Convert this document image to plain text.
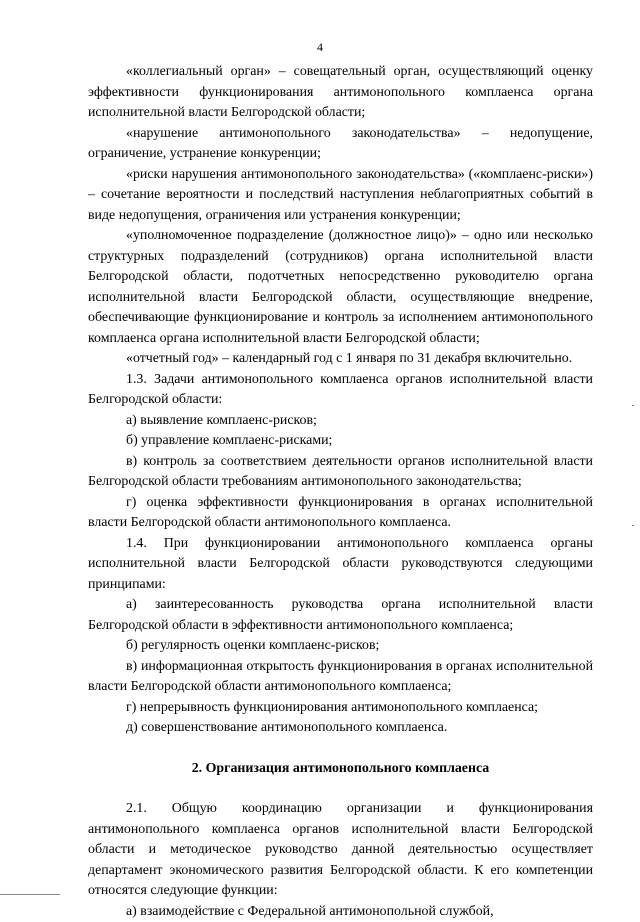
4

«коллегиальный орган» – совещательный орган, осуществляющий оценку эффективности функционирования антимонопольного комплаенса органа исполнительной власти Белгородской области;

«нарушение антимонопольного законодательства» – недопущение, ограничение, устранение конкуренции;

«риски нарушения антимонопольного законодательства» («комплаенс-риски») – сочетание вероятности и последствий наступления неблагоприятных событий в виде недопущения, ограничения или устранения конкуренции;

«уполномоченное подразделение (должностное лицо)» – одно или несколько структурных подразделений (сотрудников) органа исполнительной власти Белгородской области, подотчетных непосредственно руководителю органа исполнительной власти Белгородской области, осуществляющие внедрение, обеспечивающие функционирование и контроль за исполнением антимонопольного комплаенса органа исполнительной власти Белгородской области;

«отчетный год» – календарный год с 1 января по 31 декабря включительно.

1.3. Задачи антимонопольного комплаенса органов исполнительной власти Белгородской области:

а) выявление комплаенс-рисков;

б) управление комплаенс-рисками;

в) контроль за соответствием деятельности органов исполнительной власти Белгородской области требованиям антимонопольного законодательства;

г) оценка эффективности функционирования в органах исполнительной власти Белгородской области антимонопольного комплаенса.

1.4. При функционировании антимонопольного комплаенса органы исполнительной власти Белгородской области руководствуются следующими принципами:

а) заинтересованность руководства органа исполнительной власти Белгородской области в эффективности антимонопольного комплаенса;

б) регулярность оценки комплаенс-рисков;

в) информационная открытость функционирования в органах исполнительной власти Белгородской области антимонопольного комплаенса;

г) непрерывность функционирования антимонопольного комплаенса;

д) совершенствование антимонопольного комплаенса.

2. Организация антимонопольного комплаенса

2.1. Общую координацию организации и функционирования антимонопольного комплаенса органов исполнительной власти Белгородской области и методическое руководство данной деятельностью осуществляет департамент экономического развития Белгородской области. К его компетенции относятся следующие функции:

а) взаимодействие с Федеральной антимонопольной службой,
